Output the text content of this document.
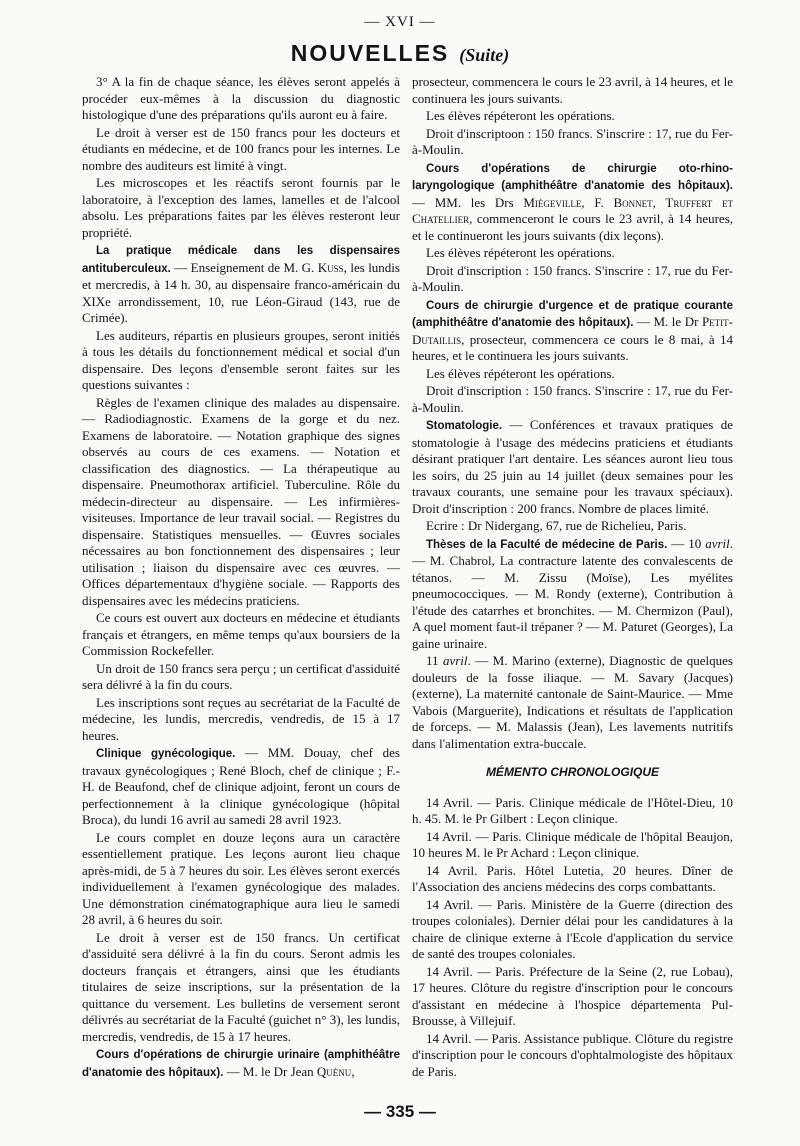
— XVI —
NOUVELLES (Suite)

3° A la fin de chaque séance, les élèves seront appelés à procéder eux-mêmes à la discussion du diagnostic histologique d'une des préparations qu'ils auront eu à faire.

Le droit à verser est de 150 francs pour les docteurs et étudiants en médecine, et de 100 francs pour les internes. Le nombre des auditeurs est limité à vingt.

Les microscopes et les réactifs seront fournis par le laboratoire, à l'exception des lames, lamelles et de l'alcool absolu. Les préparations faites par les élèves resteront leur propriété.

La pratique médicale dans les dispensaires antituberculeux. — Enseignement de M. G. Kuss, les lundis et mercredis, à 14 h. 30, au dispensaire franco-américain du XIXe arrondissement, 10, rue Léon-Giraud (143, rue de Crimée).

Les auditeurs, répartis en plusieurs groupes, seront initiés à tous les détails du fonctionnement médical et social d'un dispensaire. Des leçons d'ensemble seront faites sur les questions suivantes :

Règles de l'examen clinique des malades au dispensaire. — Radiodiagnostic. Examens de la gorge et du nez. Examens de laboratoire. — Notation graphique des signes observés au cours de ces examens. — Notation et classification des diagnostics. — La thérapeutique au dispensaire. Pneumothorax artificiel. Tuberculine. Rôle du médecin-directeur au dispensaire. — Les infirmières-visiteuses. Importance de leur travail social. — Registres du dispensaire. Statistiques mensuelles. — Œuvres sociales nécessaires au bon fonctionnement des dispensaires ; leur utilisation ; liaison du dispensaire avec ces œuvres. — Offices départementaux d'hygiène sociale. — Rapports des dispensaires avec les médecins praticiens.

Ce cours est ouvert aux docteurs en médecine et étudiants français et étrangers, en même temps qu'aux boursiers de la Commission Rockefeller.

Un droit de 150 francs sera perçu ; un certificat d'assiduité sera délivré à la fin du cours.

Les inscriptions sont reçues au secrétariat de la Faculté de médecine, les lundis, mercredis, vendredis, de 15 à 17 heures.

Clinique gynécologique. — MM. Douay, chef des travaux gynécologiques ; René Bloch, chef de clinique ; F.-H. de Beaufond, chef de clinique adjoint, feront un cours de perfectionnement à la clinique gynécologique (hôpital Broca), du lundi 16 avril au samedi 28 avril 1923.

Le cours complet en douze leçons aura un caractère essentiellement pratique. Les leçons auront lieu chaque après-midi, de 5 à 7 heures du soir. Les élèves seront exercés individuellement à l'examen gynécologique des malades. Une démonstration cinématographique aura lieu le samedi 28 avril, à 6 heures du soir.

Le droit à verser est de 150 francs. Un certificat d'assiduité sera délivré à la fin du cours. Seront admis les docteurs français et étrangers, ainsi que les étudiants titulaires de seize inscriptions, sur la présentation de la quittance du versement. Les bulletins de versement seront délivrés au secrétariat de la Faculté (guichet n° 3), les lundis, mercredis, vendredis, de 15 à 17 heures.

Cours d'opérations de chirurgie urinaire (amphithéâtre d'anatomie des hôpitaux). — M. le Dr Jean Quénu,

prosecteur, commencera le cours le 23 avril, à 14 heures, et le continuera les jours suivants.

Les élèves répéteront les opérations.

Droit d'inscriptoon : 150 francs. S'inscrire : 17, rue du Fer-à-Moulin.

Cours d'opérations de chirurgie oto-rhino-laryngologique (amphithéâtre d'anatomie des hôpitaux). — MM. les Drs Miégeville, F. Bonnet, Truffert et Chatellier, commenceront le cours le 23 avril, à 14 heures, et le continueront les jours suivants (dix leçons).

Les élèves répéteront les opérations.

Droit d'inscription : 150 francs. S'inscrire : 17, rue du Fer-à-Moulin.

Cours de chirurgie d'urgence et de pratique courante (amphithéâtre d'anatomie des hôpitaux). — M. le Dr Petit-Dutaillis, prosecteur, commencera ce cours le 8 mai, à 14 heures, et le continuera les jours suivants.

Les élèves répéteront les opérations.

Droit d'inscription : 150 francs. S'inscrire : 17, rue du Fer-à-Moulin.

Stomatologie. — Conférences et travaux pratiques de stomatologie à l'usage des médecins praticiens et étudiants désirant pratiquer l'art dentaire. Les séances auront lieu tous les soirs, du 25 juin au 14 juillet (deux semaines pour les travaux courants, une semaine pour les travaux spéciaux). Droit d'inscription : 200 francs. Nombre de places limité.

Ecrire : Dr Nidergang, 67, rue de Richelieu, Paris.

Thèses de la Faculté de médecine de Paris. — 10 avril. — M. Chabrol, La contracture latente des convalescents de tétanos. — M. Zissu (Moïse), Les myélites pneumococciques. — M. Rondy (externe), Contribution à l'étude des catarrhes et bronchites. — M. Chermizon (Paul), A quel moment faut-il trépaner ? — M. Paturet (Georges), La gaine urinaire.

11 avril. — M. Marino (externe), Diagnostic de quelques douleurs de la fosse iliaque. — M. Savary (Jacques) (externe), La maternité cantonale de Saint-Maurice. — Mme Vabois (Marguerite), Indications et résultats de l'application de forceps. — M. Malassis (Jean), Les lavements nutritifs dans l'alimentation extra-buccale.

MÉMENTO CHRONOLOGIQUE

14 Avril. — Paris. Clinique médicale de l'Hôtel-Dieu, 10 h. 45. M. le Pr Gilbert : Leçon clinique.

14 Avril. — Paris. Clinique médicale de l'hôpital Beaujon, 10 heures M. le Pr Achard : Leçon clinique.

14 Avril. Paris. Hôtel Lutetia, 20 heures. Dîner de l'Association des anciens médecins des corps combattants.

14 Avril. — Paris. Ministère de la Guerre (direction des troupes coloniales). Dernier délai pour les candidatures à la chaire de clinique externe à l'Ecole d'application du service de santé des troupes coloniales.

14 Avril. — Paris. Préfecture de la Seine (2, rue Lobau), 17 heures. Clôture du registre d'inscription pour le concours d'assistant en médecine à l'hospice départementa Pul-Brousse, à Villejuif.

14 Avril. — Paris. Assistance publique. Clôture du registre d'inscription pour le concours d'ophtalmologiste des hôpitaux de Paris.

— 335 —
